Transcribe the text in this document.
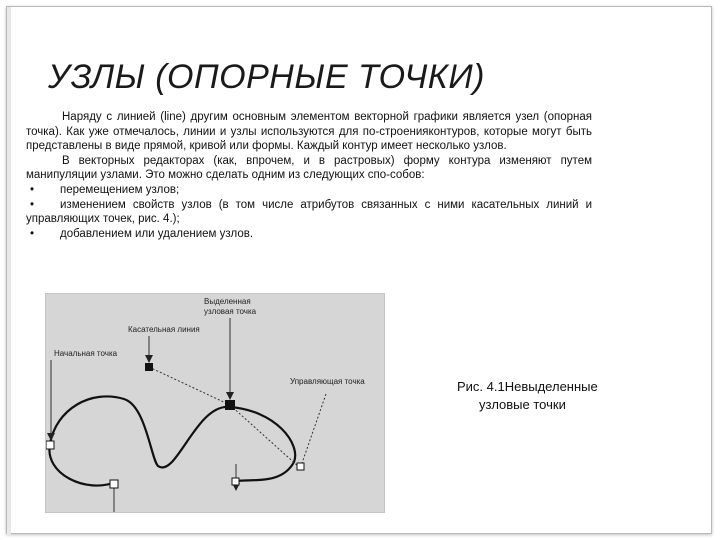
УЗЛЫ (ОПОРНЫЕ ТОЧКИ)

Наряду с линией (line) другим основным элементом векторной графики является узел (опорная точка). Как уже отмечалось, линии и узлы используются для по-строенияконтуров, которые могут быть представлены в виде прямой, кривой или формы. Каждый контур имеет несколько узлов.

В векторных редакторах (как, впрочем, и в растровых) форму контура изменяют путем манипуляции узлами. Это можно сделать одним из следующих спо-собов:

• перемещением узлов;

• изменением свойств узлов (в том числе атрибутов связанных с ними касательных линий и управляющих точек, рис. 4.);

• добавлением или удалением узлов.

Выделенная
узловая точка
Касательная линия
Начальная точка
Управляющая точка	Рис. 4.1Невыделенные
узловые точки
